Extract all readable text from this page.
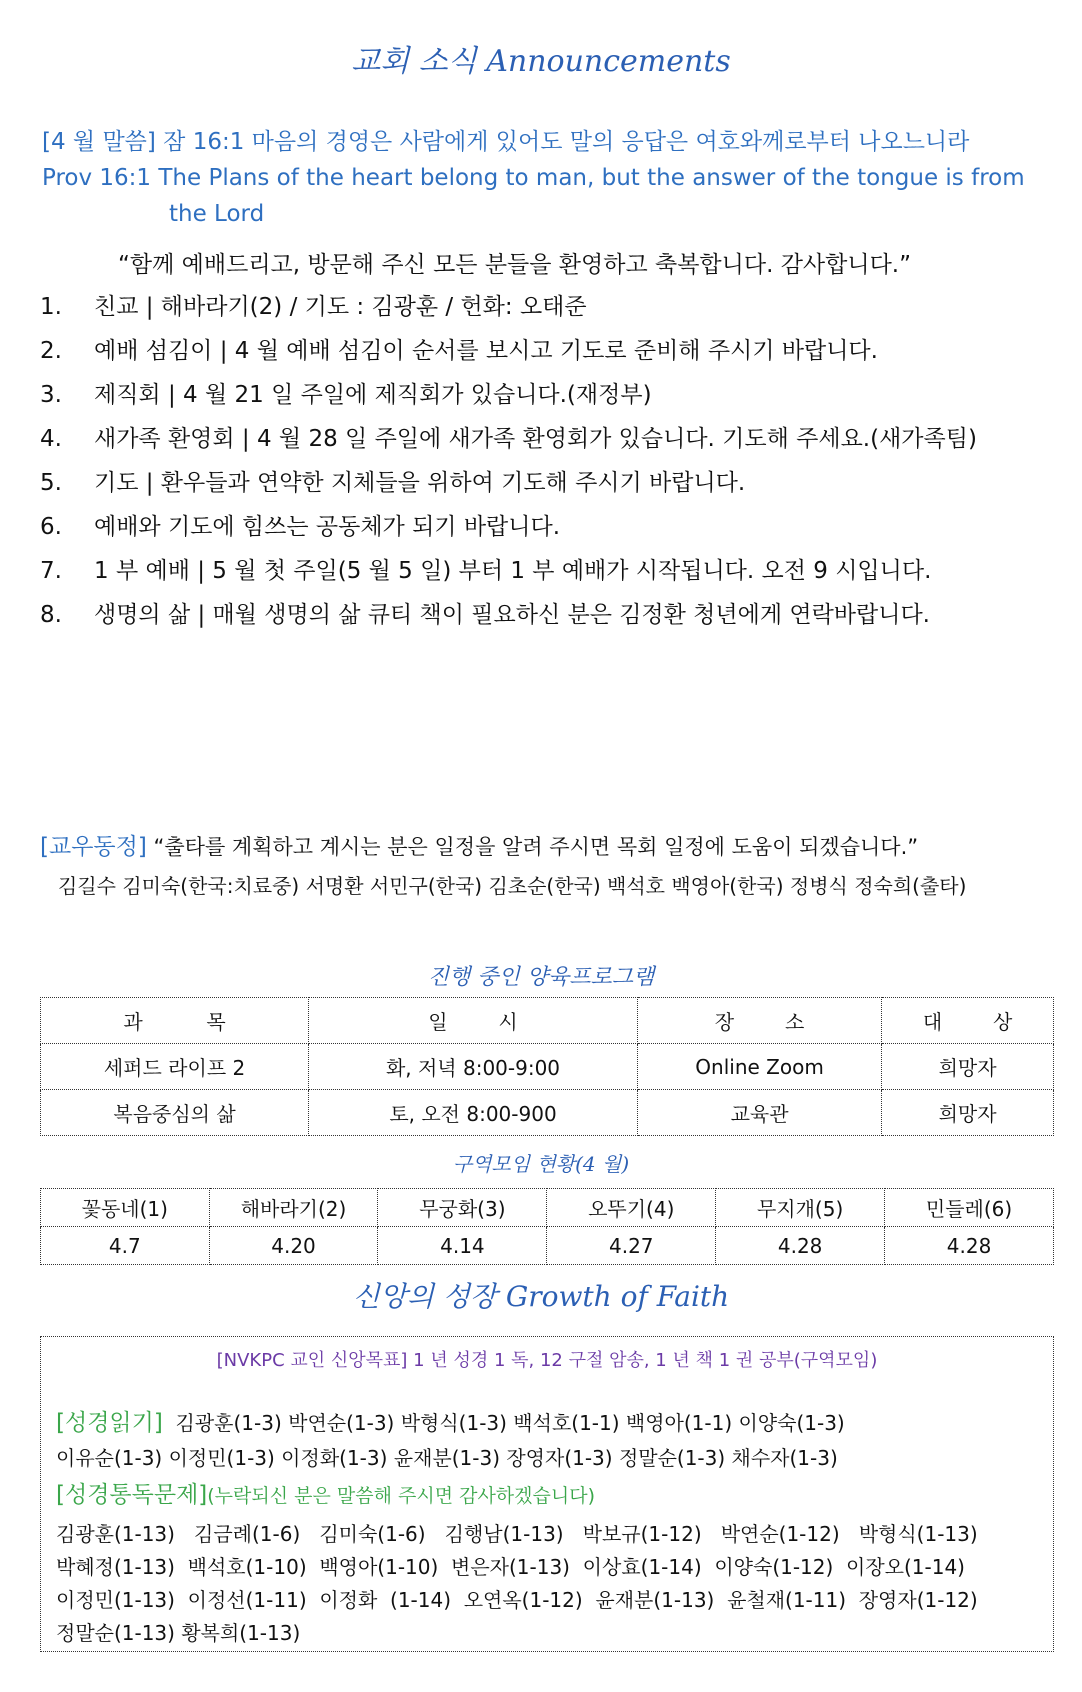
교회 소식 Announcements
[4 월 말씀] 잠 16:1 마음의 경영은 사람에게 있어도 말의 응답은 여호와께로부터 나오느니라
Prov 16:1 The Plans of the heart belong to man, but the answer of the tongue is from
the Lord
“함께 예배드리고, 방문해 주신 모든 분들을 환영하고 축복합니다. 감사합니다.”
1. 친교 | 해바라기(2) / 기도 : 김광훈 / 헌화: 오태준
2. 예배 섬김이 | 4 월 예배 섬김이 순서를 보시고 기도로 준비해 주시기 바랍니다.
3. 제직회 | 4 월 21 일 주일에 제직회가 있습니다.(재정부)
4. 새가족 환영회 | 4 월 28 일 주일에 새가족 환영회가 있습니다. 기도해 주세요.(새가족팀)
5. 기도 | 환우들과 연약한 지체들을 위하여 기도해 주시기 바랍니다.
6. 예배와 기도에 힘쓰는 공동체가 되기 바랍니다.
7. 1 부 예배 | 5 월 첫 주일(5 월 5 일) 부터 1 부 예배가 시작됩니다. 오전 9 시입니다.
8. 생명의 삶 | 매월 생명의 삶 큐티 책이 필요하신 분은 김정환 청년에게 연락바랍니다.
[교우동정] “출타를 계획하고 계시는 분은 일정을 알려 주시면 목회 일정에 도움이 되겠습니다.”
김길수 김미숙(한국:치료중) 서명환 서민구(한국) 김초순(한국) 백석호 백영아(한국) 정병식 정숙희(출타)
진행 중인 양육프로그램
과          목	일        시	장        소	대        상
세퍼드 라이프 2	화, 저녁 8:00-9:00	Online Zoom	희망자
복음중심의 삶	토, 오전 8:00-900	교육관	희망자
구역모임 현황(4 월)
꽃동네(1)	해바라기(2)	무궁화(3)	오뚜기(4)	무지개(5)	민들레(6)
4.7	4.20	4.14	4.27	4.28	4.28
신앙의 성장 Growth of Faith
[NVKPC 교인 신앙목표] 1 년 성경 1 독, 12 구절 암송, 1 년 책 1 권 공부(구역모임)
[성경읽기]  김광훈(1-3) 박연순(1-3) 박형식(1-3) 백석호(1-1) 백영아(1-1) 이양숙(1-3)
이유순(1-3) 이정민(1-3) 이정화(1-3) 윤재분(1-3) 장영자(1-3) 정말순(1-3) 채수자(1-3)
[성경통독문제](누락되신 분은 말씀해 주시면 감사하겠습니다)
김광훈(1-13)   김금례(1-6)   김미숙(1-6)   김행남(1-13)   박보규(1-12)   박연순(1-12)   박형식(1-13)
박혜정(1-13)  백석호(1-10)  백영아(1-10)  변은자(1-13)  이상효(1-14)  이양숙(1-12)  이장오(1-14)
이정민(1-13)  이정선(1-11)  이정화  (1-14)  오연옥(1-12)  윤재분(1-13)  윤철재(1-11)  장영자(1-12)
정말순(1-13) 황복희(1-13)
